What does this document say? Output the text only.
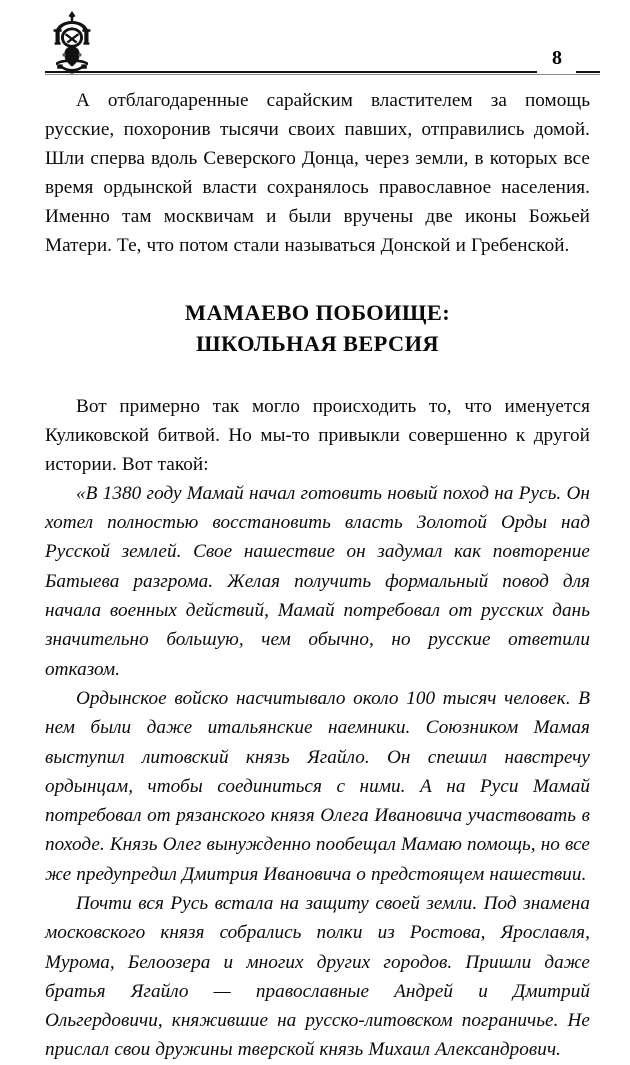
8

А отблагодаренные сарайским властителем за помощь русские, похоронив тысячи своих павших, отправились домой. Шли сперва вдоль Северского Донца, через земли, в которых все время ордынской власти сохранялось православное населения. Именно там москвичам и были вручены две иконы Божьей Матери. Те, что потом стали называться Донской и Гребенской.

МАМАЕВО ПОБОИЩЕ:
ШКОЛЬНАЯ ВЕРСИЯ

Вот примерно так могло происходить то, что именуется Куликовской битвой. Но мы-то привыкли совершенно к другой истории. Вот такой:

«В 1380 году Мамай начал готовить новый поход на Русь. Он хотел полностью восстановить власть Золотой Орды над Русской землей. Свое нашествие он задумал как повторение Батыева разгрома. Желая получить формальный повод для начала военных действий, Мамай потребовал от русских дань значительно большую, чем обычно, но русские ответили отказом.

Ордынское войско насчитывало около 100 тысяч человек. В нем были даже итальянские наемники. Союзником Мамая выступил литовский князь Ягайло. Он спешил навстречу ордынцам, чтобы соединиться с ними. А на Руси Мамай потребовал от рязанского князя Олега Ивановича участвовать в походе. Князь Олег вынужденно пообещал Мамаю помощь, но все же предупредил Дмитрия Ивановича о предстоящем нашествии.

Почти вся Русь встала на защиту своей земли. Под знамена московского князя собрались полки из Ростова, Ярославля, Мурома, Белоозера и многих других городов. Пришли даже братья Ягайло — православные Андрей и Дмитрий Ольгердовичи, княжившие на русско-литовском пограничье. Не прислал свои дружины тверской князь Михаил Александрович.
